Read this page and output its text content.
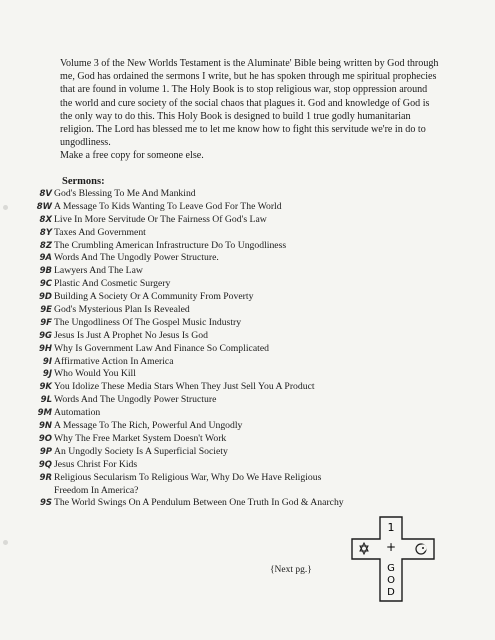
Volume 3 of the New Worlds Testament is the Aluminate' Bible being written by God through me, God has ordained the sermons I write, but he has spoken through me spiritual prophecies that are found in volume 1. The Holy Book is to stop religious war, stop oppression around the world and cure society of the social chaos that plagues it. God and knowledge of God is the only way to do this. This Holy Book is designed to build 1 true godly humanitarian religion. The Lord has blessed me to let me know how to fight this servitude we're in do to ungodliness.

Make a free copy for someone else.

Sermons:
8V God's Blessing To Me And Mankind
8W A Message To Kids Wanting To Leave God For The World
8X Live In More Servitude Or The Fairness Of God's Law
8Y Taxes And Government
8Z The Crumbling American Infrastructure Do To Ungodliness
9A Words And The Ungodly Power Structure.
9B Lawyers And The Law
9C Plastic And Cosmetic Surgery
9D Building A Society Or A Community From Poverty
9E God's Mysterious Plan Is Revealed
9F The Ungodliness Of The Gospel Music Industry
9G Jesus Is Just A Prophet No Jesus Is God
9H Why Is Government Law And Finance So Complicated
9I Affirmative Action In America
9J Who Would You Kill
9K You Idolize These Media Stars When They Just Sell You A Product
9L Words And The Ungodly Power Structure
9M Automation
9N A Message To The Rich, Powerful And Ungodly
9O Why The Free Market System Doesn't Work
9P An Ungodly Society Is A Superficial Society
9Q Jesus Christ For Kids
9R Religious Secularism To Religious War, Why Do We Have Religious Freedom In America?
9S The World Swings On A Pendulum Between One Truth In God & Anarchy
1
+
G
O
D
{Next pg.}
